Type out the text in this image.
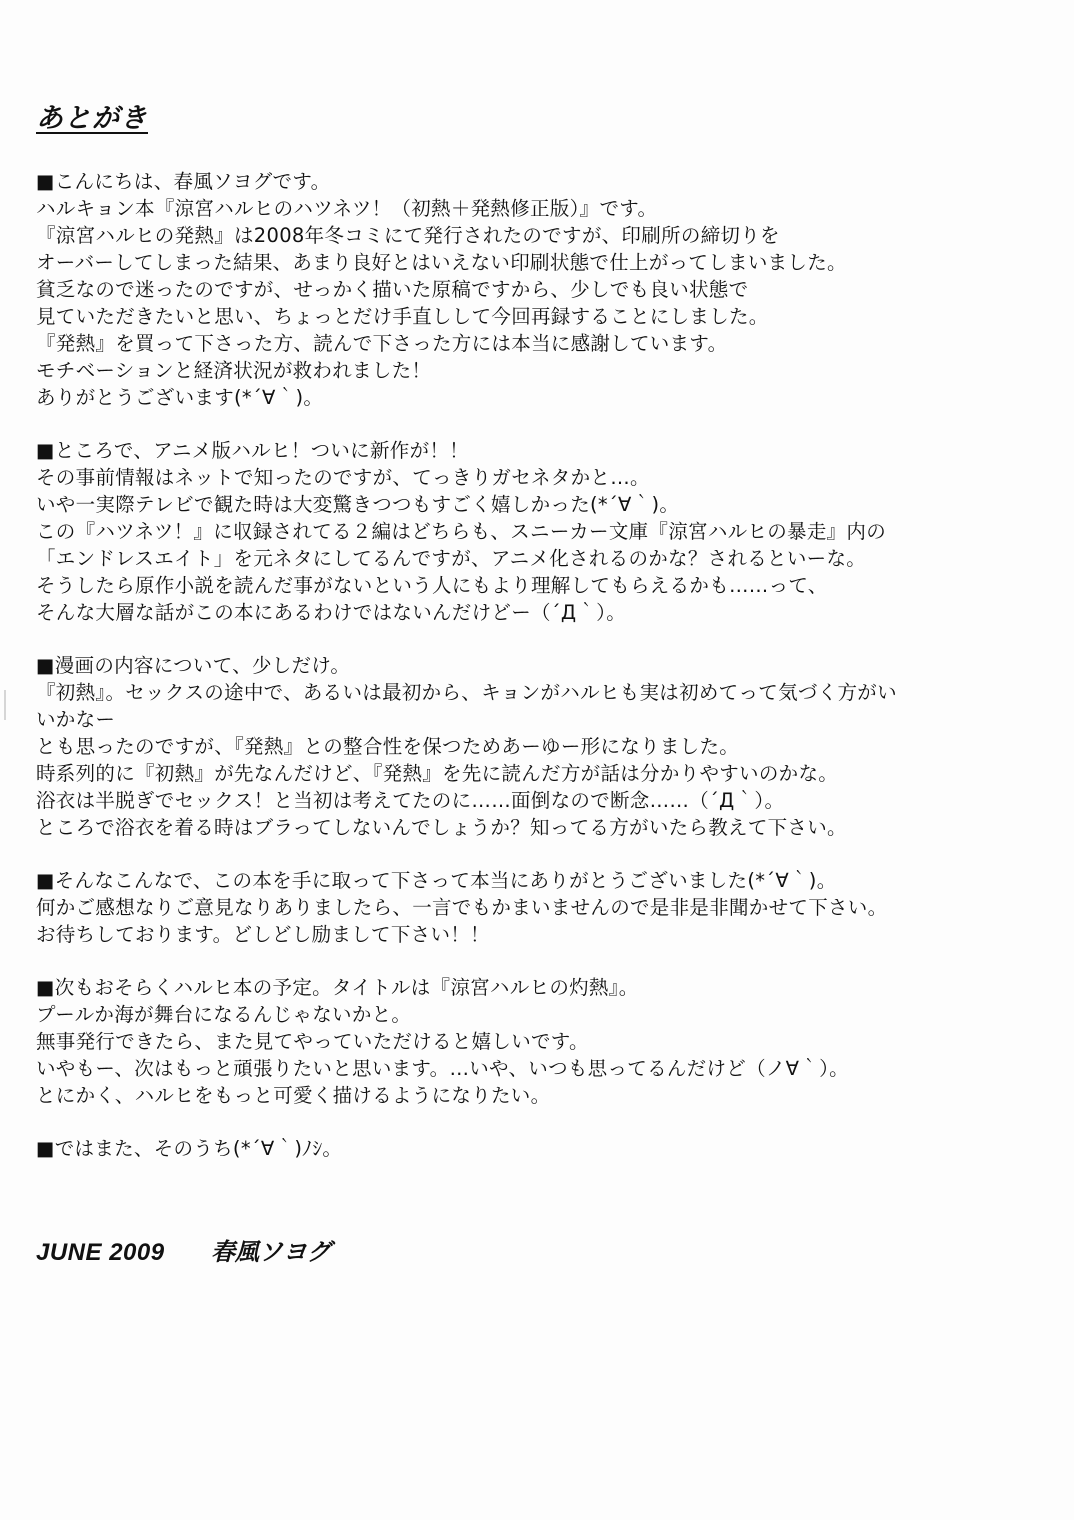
あとがき
■こんにちは、春風ソヨグです。
ハルキョン本『涼宮ハルヒのハツネツ！（初熱＋発熱修正版）』です。
『涼宮ハルヒの発熱』は2008年冬コミにて発行されたのですが、印刷所の締切りを
オーバーしてしまった結果、あまり良好とはいえない印刷状態で仕上がってしまいました。
貧乏なので迷ったのですが、せっかく描いた原稿ですから、少しでも良い状態で
見ていただきたいと思い、ちょっとだけ手直しして今回再録することにしました。
『発熱』を買って下さった方、読んで下さった方には本当に感謝しています。
モチベーションと経済状況が救われました！
ありがとうございます(*´∀｀)。
■ところで、アニメ版ハルヒ！ついに新作が！！
その事前情報はネットで知ったのですが、てっきりガセネタかと…。
いや一実際テレビで観た時は大変驚きつつもすごく嬉しかった(*´∀｀)。
この『ハツネツ！』に収録されてる２編はどちらも、スニーカー文庫『涼宮ハルヒの暴走』内の
「エンドレスエイト」を元ネタにしてるんですが、アニメ化されるのかな？されるといーな。
そうしたら原作小説を読んだ事がないという人にもより理解してもらえるかも……って、
そんな大層な話がこの本にあるわけではないんだけどー（´Д｀）。
■漫画の内容について、少しだけ。
『初熱』。セックスの途中で、あるいは最初から、キョンがハルヒも実は初めてって気づく方がい
いかなー
とも思ったのですが、『発熱』との整合性を保つためあーゆー形になりました。
時系列的に『初熱』が先なんだけど、『発熱』を先に読んだ方が話は分かりやすいのかな。
浴衣は半脱ぎでセックス！と当初は考えてたのに……面倒なので断念……（´Д｀）。
ところで浴衣を着る時はブラってしないんでしょうか？知ってる方がいたら教えて下さい。
■そんなこんなで、この本を手に取って下さって本当にありがとうございました(*´∀｀)。
何かご感想なりご意見なりありましたら、一言でもかまいませんので是非是非聞かせて下さい。
お待ちしております。どしどし励まして下さい！！
■次もおそらくハルヒ本の予定。タイトルは『涼宮ハルヒの灼熱』。
プールか海が舞台になるんじゃないかと。
無事発行できたら、また見てやっていただけると嬉しいです。
いやもー、次はもっと頑張りたいと思います。…いや、いつも思ってるんだけど（ノ∀｀）。
とにかく、ハルヒをもっと可愛く描けるようになりたい。
■ではまた、そのうち(*´∀｀)ﾉｼ。
JUNE 2009 春風ソヨグ
